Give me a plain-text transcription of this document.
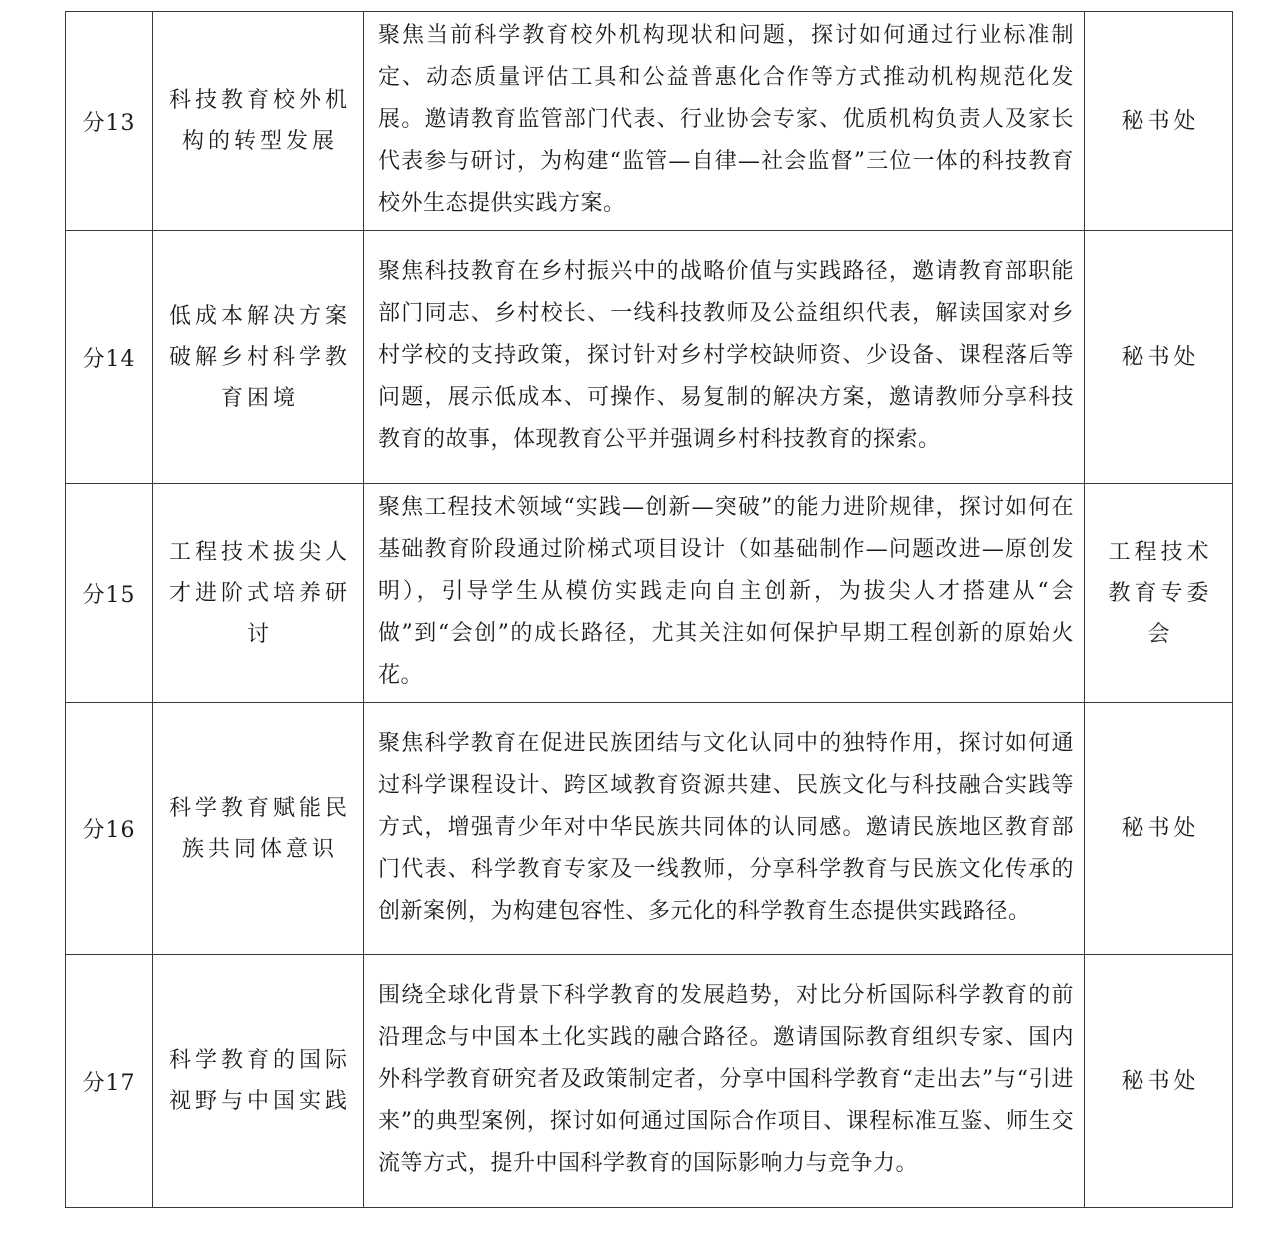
分13	科技教育校外机构的转型发展	聚焦当前科学教育校外机构现状和问题，探讨如何通过行业标准制定、动态质量评估工具和公益普惠化合作等方式推动机构规范化发展。邀请教育监管部门代表、行业协会专家、优质机构负责人及家长代表参与研讨，为构建“监管—自律—社会监督”三位一体的科技教育校外生态提供实践方案。	秘书处

分14	低成本解决方案破解乡村科学教育困境	聚焦科技教育在乡村振兴中的战略价值与实践路径，邀请教育部职能部门同志、乡村校长、一线科技教师及公益组织代表，解读国家对乡村学校的支持政策，探讨针对乡村学校缺师资、少设备、课程落后等问题，展示低成本、可操作、易复制的解决方案，邀请教师分享科技教育的故事，体现教育公平并强调乡村科技教育的探索。	秘书处

分15	工程技术拔尖人才进阶式培养研讨	聚焦工程技术领域“实践—创新—突破”的能力进阶规律，探讨如何在基础教育阶段通过阶梯式项目设计（如基础制作—问题改进—原创发明），引导学生从模仿实践走向自主创新，为拔尖人才搭建从“会做”到“会创”的成长路径，尤其关注如何保护早期工程创新的原始火花。	工程技术教育专委会

分16	科学教育赋能民族共同体意识	聚焦科学教育在促进民族团结与文化认同中的独特作用，探讨如何通过科学课程设计、跨区域教育资源共建、民族文化与科技融合实践等方式，增强青少年对中华民族共同体的认同感。邀请民族地区教育部门代表、科学教育专家及一线教师，分享科学教育与民族文化传承的创新案例，为构建包容性、多元化的科学教育生态提供实践路径。	秘书处

分17	科学教育的国际视野与中国实践	围绕全球化背景下科学教育的发展趋势，对比分析国际科学教育的前沿理念与中国本土化实践的融合路径。邀请国际教育组织专家、国内外科学教育研究者及政策制定者，分享中国科学教育“走出去”与“引进来”的典型案例，探讨如何通过国际合作项目、课程标准互鉴、师生交流等方式，提升中国科学教育的国际影响力与竞争力。	秘书处
